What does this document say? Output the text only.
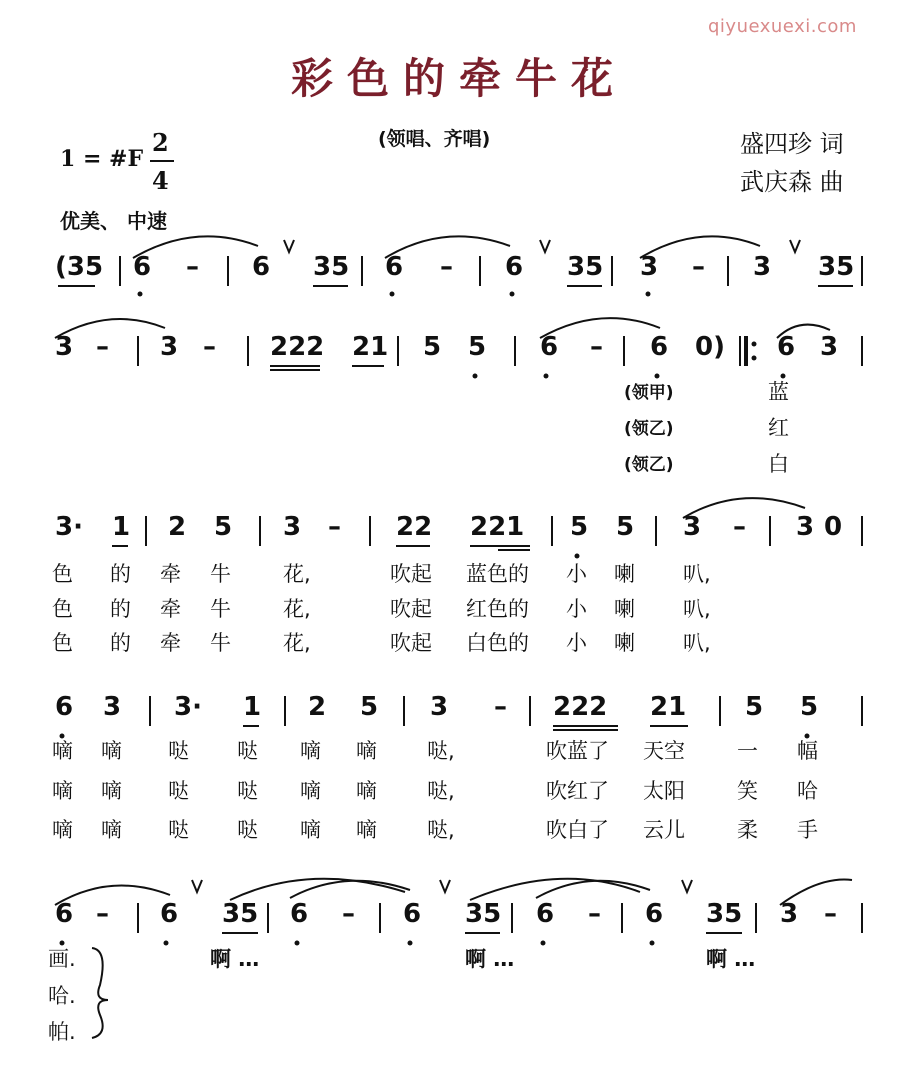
qiyuexuexi.com
彩色的牵牛花
(领唱、齐唱)	盛四珍 词
武庆森 曲
1 = #F
2
4
优美、 中速
(35 6 – 6 35 6 – 6 35 3 – 3 35
3 – 3 – 222 21 5 5 6 – 6 0) 6 3
(领甲)	蓝
(领乙)	红
(领乙)	白
3· 1 2 5 3 – 22 221 5 5 3 – 3 0
色 的 牵 牛 花,	吹起 蓝色的 小 喇 叭,
色 的 牵 牛 花,	吹起 红色的 小 喇 叭,
色 的 牵 牛 花,	吹起 白色的 小 喇 叭,
6 3 3· 1 2 5 3 – 222 21 5 5
嘀 嘀 哒 哒 嘀 嘀 哒,	吹蓝了 天空 一 幅
嘀 嘀 哒 哒 嘀 嘀 哒,	吹红了 太阳 笑 哈
嘀 嘀 哒 哒 嘀 嘀 哒,	吹白了 云儿 柔 手
6 – 6 35 6 – 6 35 6 – 6 35 3 –
画.
哈.
帕.
啊 …	啊 …	啊 …
